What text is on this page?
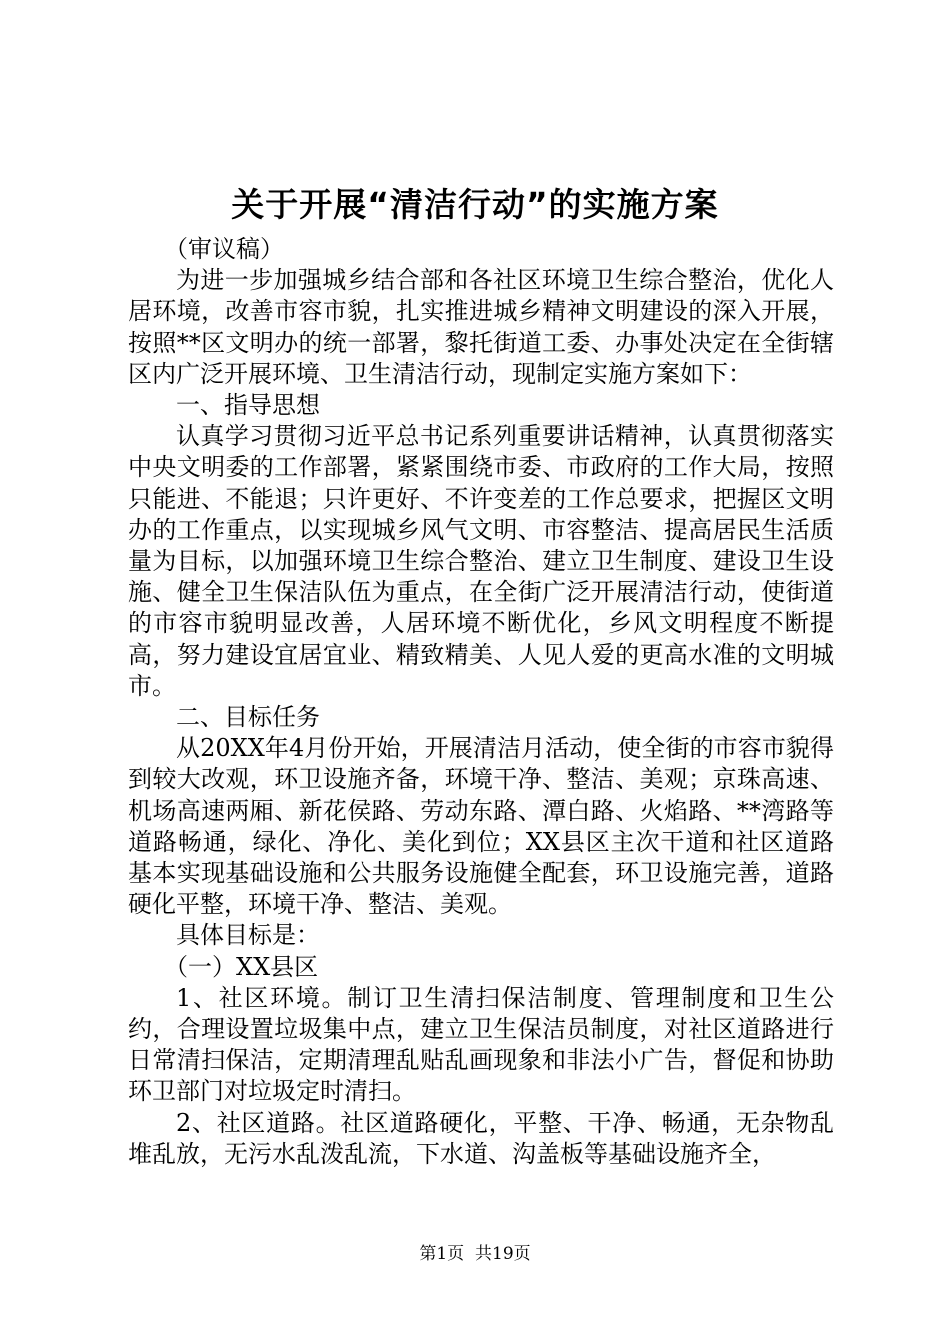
关于开展“清洁行动”的实施方案

（审议稿）

为进一步加强城乡结合部和各社区环境卫生综合整治，优化人居环境，改善市容市貌，扎实推进城乡精神文明建设的深入开展，按照**区文明办的统一部署，黎托街道工委、办事处决定在全街辖区内广泛开展环境、卫生清洁行动，现制定实施方案如下：

一、指导思想

认真学习贯彻习近平总书记系列重要讲话精神，认真贯彻落实中央文明委的工作部署，紧紧围绕市委、市政府的工作大局，按照只能进、不能退；只许更好、不许变差的工作总要求，把握区文明办的工作重点，以实现城乡风气文明、市容整洁、提高居民生活质量为目标，以加强环境卫生综合整治、建立卫生制度、建设卫生设施、健全卫生保洁队伍为重点，在全街广泛开展清洁行动，使街道的市容市貌明显改善，人居环境不断优化，乡风文明程度不断提高，努力建设宜居宜业、精致精美、人见人爱的更高水准的文明城市。

二、目标任务

从20XX年4月份开始，开展清洁月活动，使全街的市容市貌得到较大改观，环卫设施齐备，环境干净、整洁、美观；京珠高速、机场高速两厢、新花侯路、劳动东路、潭白路、火焰路、**湾路等道路畅通，绿化、净化、美化到位；XX县区主次干道和社区道路基本实现基础设施和公共服务设施健全配套，环卫设施完善，道路硬化平整，环境干净、整洁、美观。

具体目标是：

（一）XX县区

1、社区环境。制订卫生清扫保洁制度、管理制度和卫生公约，合理设置垃圾集中点，建立卫生保洁员制度，对社区道路进行日常清扫保洁，定期清理乱贴乱画现象和非法小广告，督促和协助环卫部门对垃圾定时清扫。

2、社区道路。社区道路硬化，平整、干净、畅通，无杂物乱堆乱放，无污水乱泼乱流，下水道、沟盖板等基础设施齐全，

第1页 共19页
